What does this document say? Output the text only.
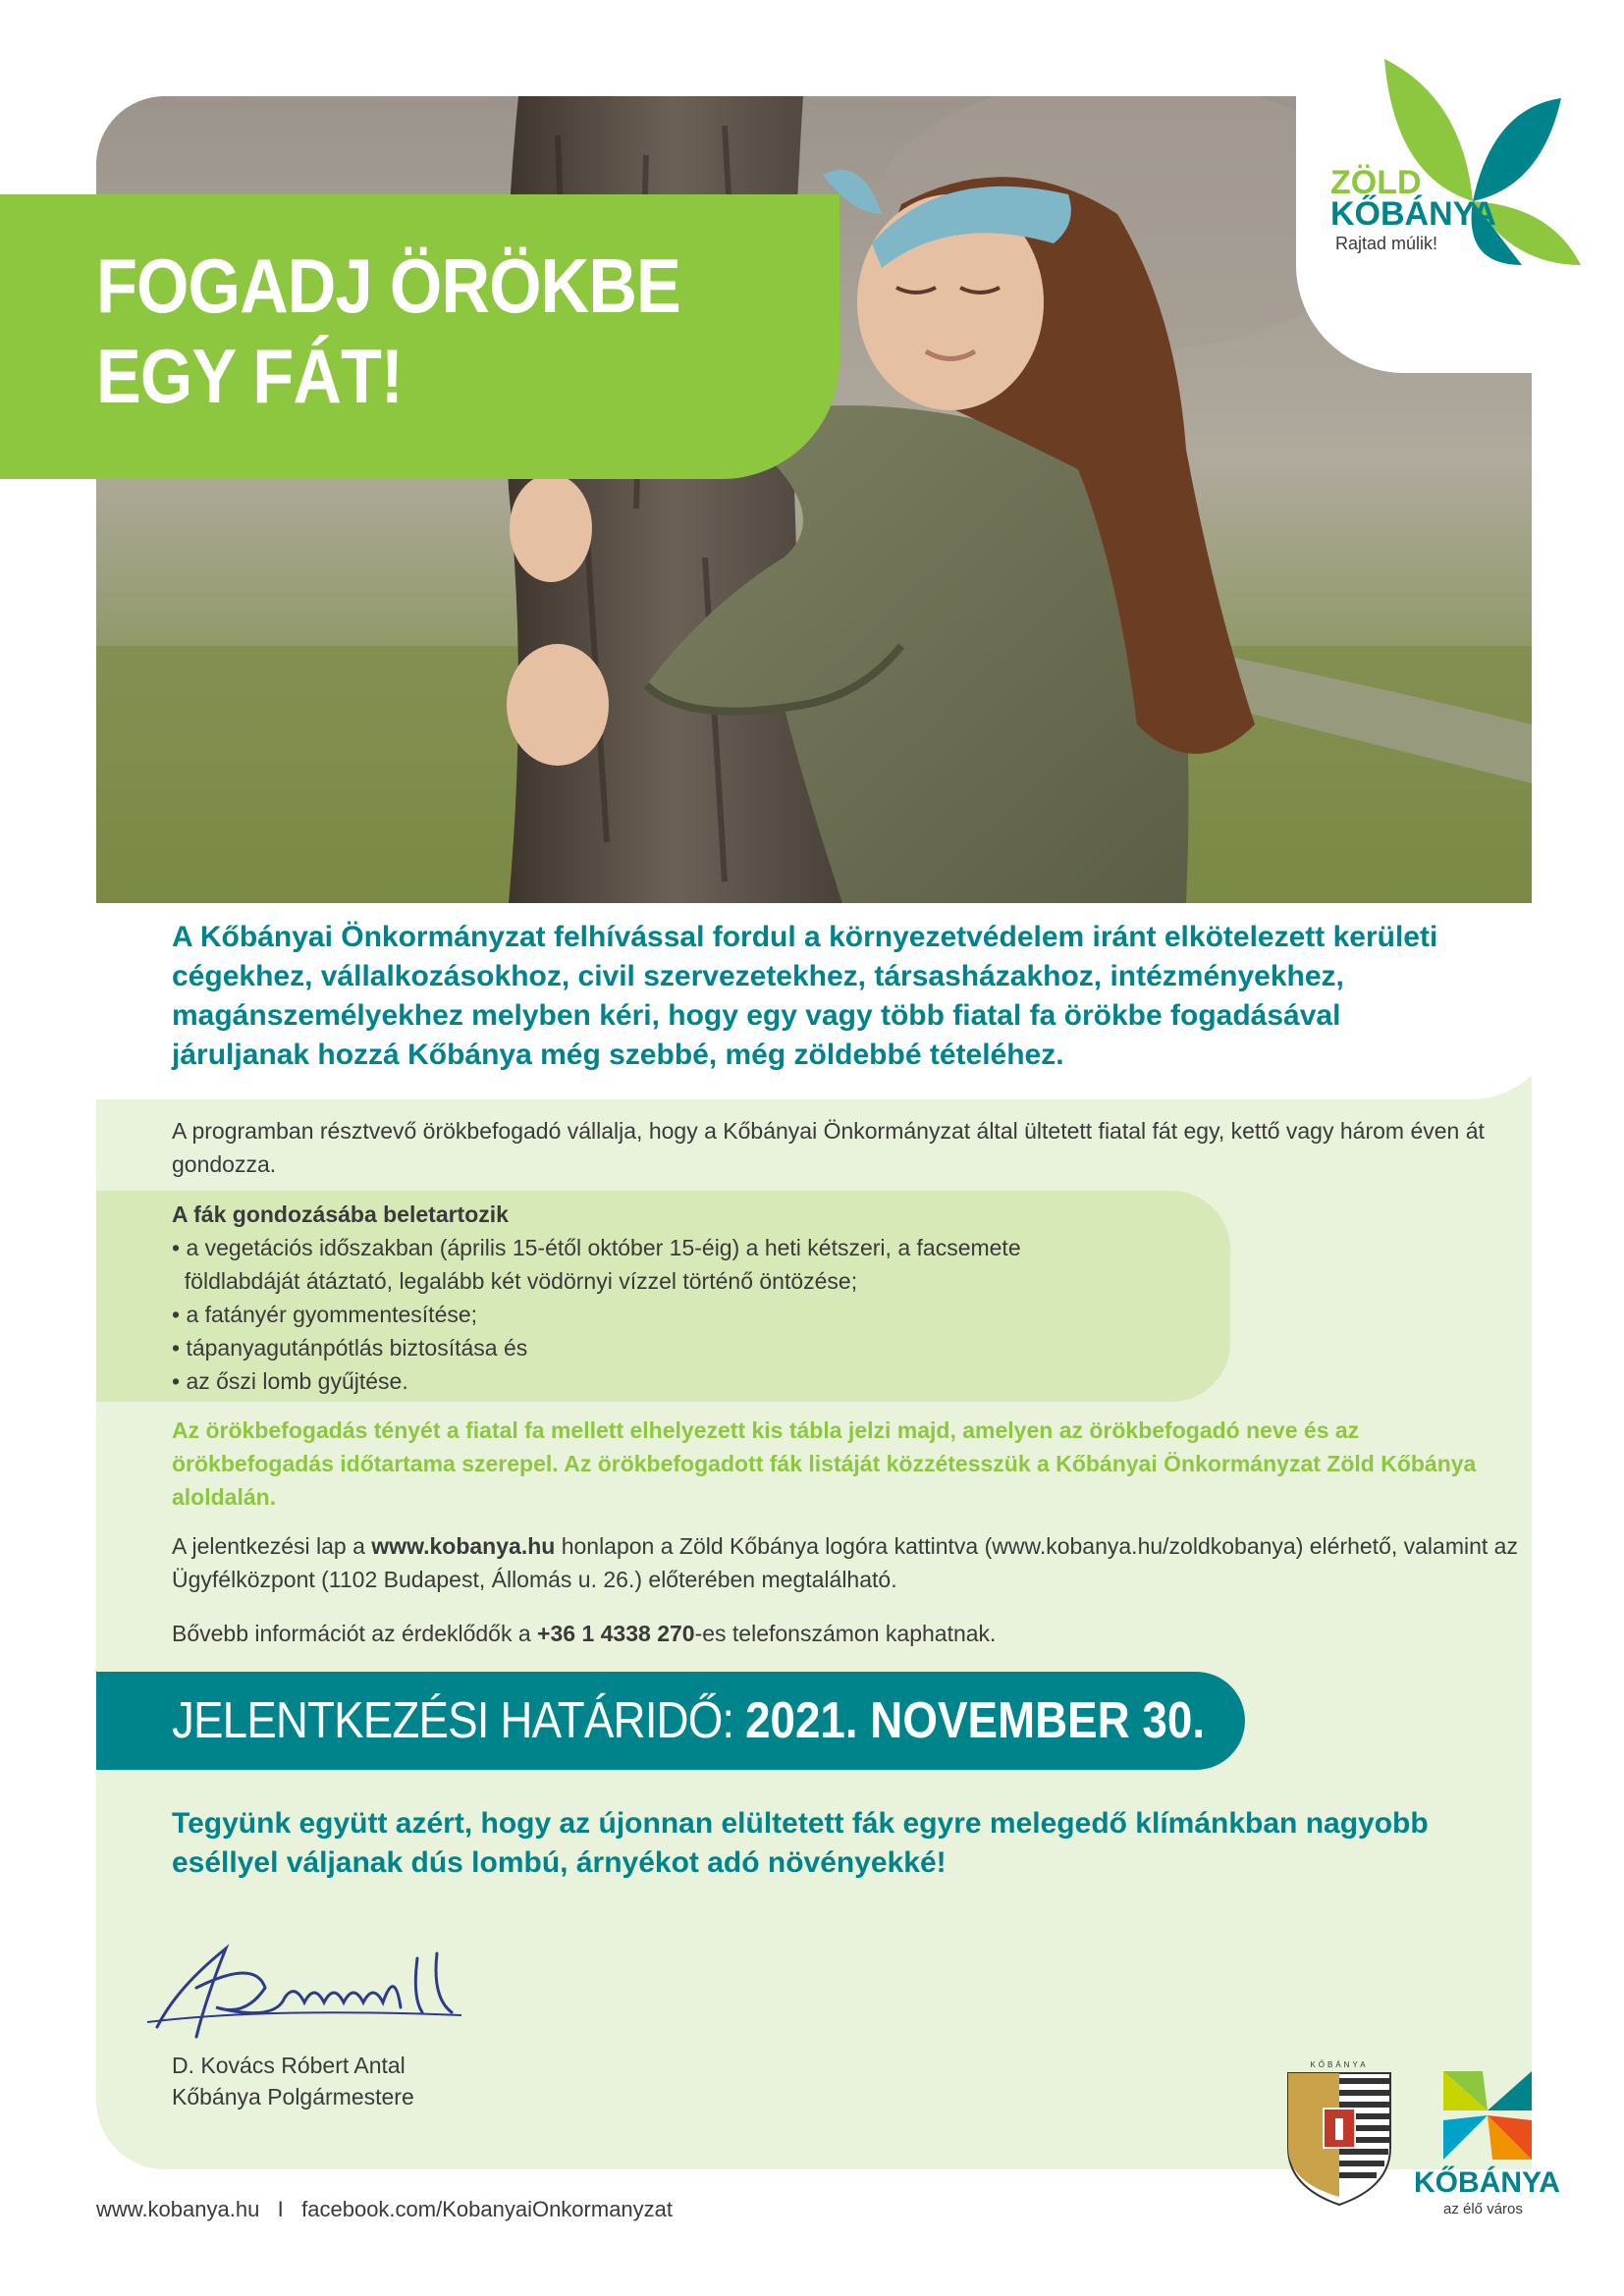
FOGADJ ÖRÖKBE
EGY FÁT!
ZÖLD
KŐBÁNYA
Rajtad múlik!
A Kőbányai Önkormányzat felhívással fordul a környezetvédelem iránt elkötelezett kerületi cégekhez, vállalkozásokhoz, civil szervezetekhez, társasházakhoz, intézményekhez, magánszemélyekhez melyben kéri, hogy egy vagy több fiatal fa örökbe fogadásával járuljanak hozzá Kőbánya még szebbé, még zöldebbé tételéhez.
A programban résztvevő örökbefogadó vállalja, hogy a Kőbányai Önkormányzat által ültetett fiatal fát egy, kettő vagy három éven át gondozza.
A fák gondozásába beletartozik
• a vegetációs időszakban (április 15-étől október 15-éig) a heti kétszeri, a facsemete
földlabdáját átáztató, legalább két vödörnyi vízzel történő öntözése;
• a fatányér gyommentesítése;
• tápanyagutánpótlás biztosítása és
• az őszi lomb gyűjtése.
Az örökbefogadás tényét a fiatal fa mellett elhelyezett kis tábla jelzi majd, amelyen az örökbefogadó neve és az örökbefogadás időtartama szerepel. Az örökbefogadott fák listáját közzétesszük a Kőbányai Önkormányzat Zöld Kőbánya aloldalán.
A jelentkezési lap a www.kobanya.hu honlapon a Zöld Kőbánya logóra kattintva (www.kobanya.hu/zoldkobanya) elérhető, valamint az Ügyfélközpont (1102 Budapest, Állomás u. 26.) előterében megtalálható.
Bővebb információt az érdeklődők a +36 1 4338 270-es telefonszámon kaphatnak.
JELENTKEZÉSI HATÁRIDŐ: 2021. NOVEMBER 30.
Tegyünk együtt azért, hogy az újonnan elültetett fák egyre melegedő klímánkban nagyobb eséllyel váljanak dús lombú, árnyékot adó növényekké!
D. Kovács Róbert Antal
Kőbánya Polgármestere
KŐBÁNYA
KŐBÁNYA
az élő város
www.kobanya.hu I facebook.com/KobanyaiOnkormanyzat
